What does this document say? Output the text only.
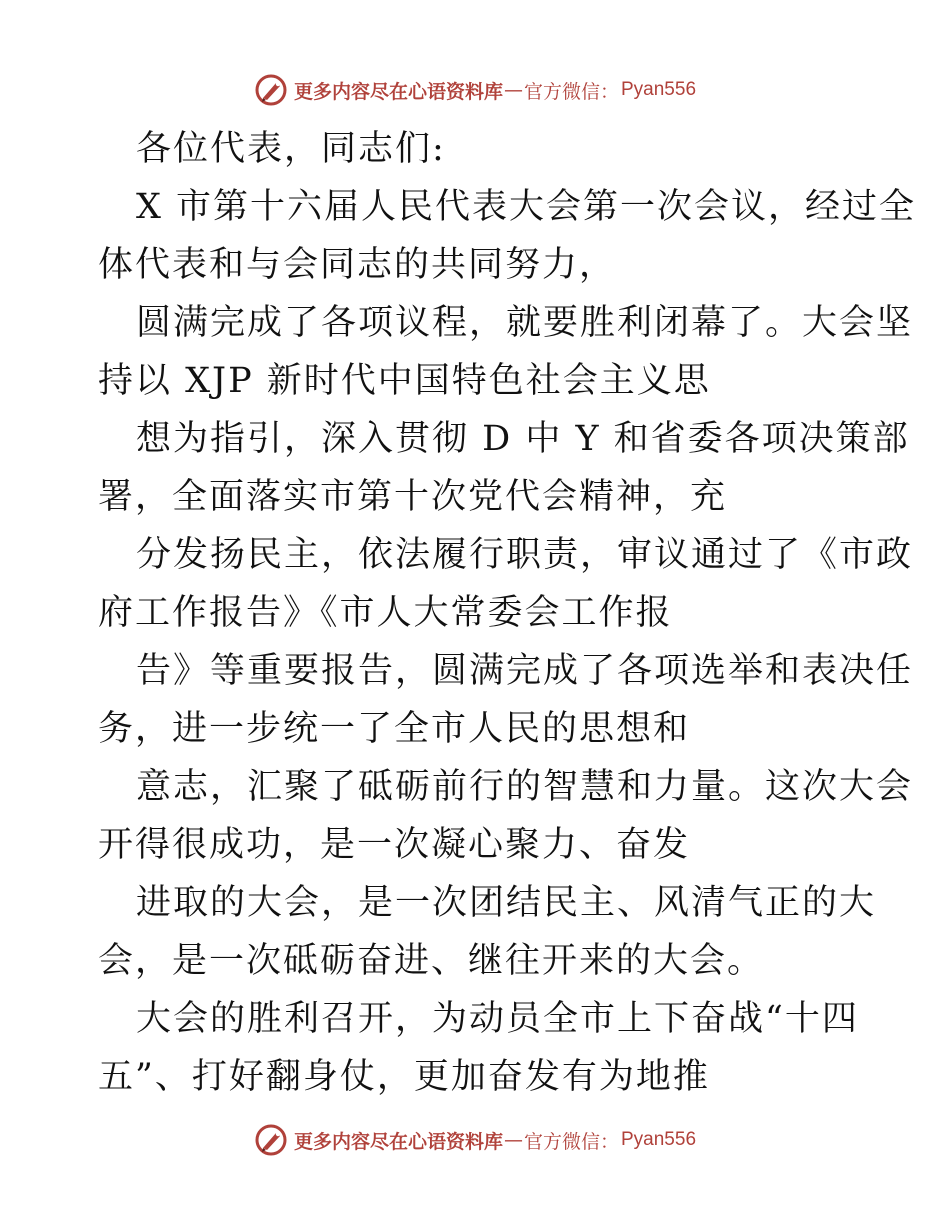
更多内容尽在心语资料库 — 官方微信： Pyan556
各位代表，同志们:
X 市第十六届人民代表大会第一次会议，经过全
体代表和与会同志的共同努力，
圆满完成了各项议程，就要胜利闭幕了。大会坚
持以 XJP 新时代中国特色社会主义思
想为指引，深入贯彻 D 中 Y 和省委各项决策部
署，全面落实市第十次党代会精神，充
分发扬民主，依法履行职责，审议通过了《市政
府工作报告》《市人大常委会工作报
告》等重要报告，圆满完成了各项选举和表决任
务，进一步统一了全市人民的思想和
意志，汇聚了砥砺前行的智慧和力量。这次大会
开得很成功，是一次凝心聚力、奋发
进取的大会，是一次团结民主、风清气正的大
会，是一次砥砺奋进、继往开来的大会。
大会的胜利召开，为动员全市上下奋战“十四
五”、打好翻身仗，更加奋发有为地推
更多内容尽在心语资料库 — 官方微信： Pyan556
